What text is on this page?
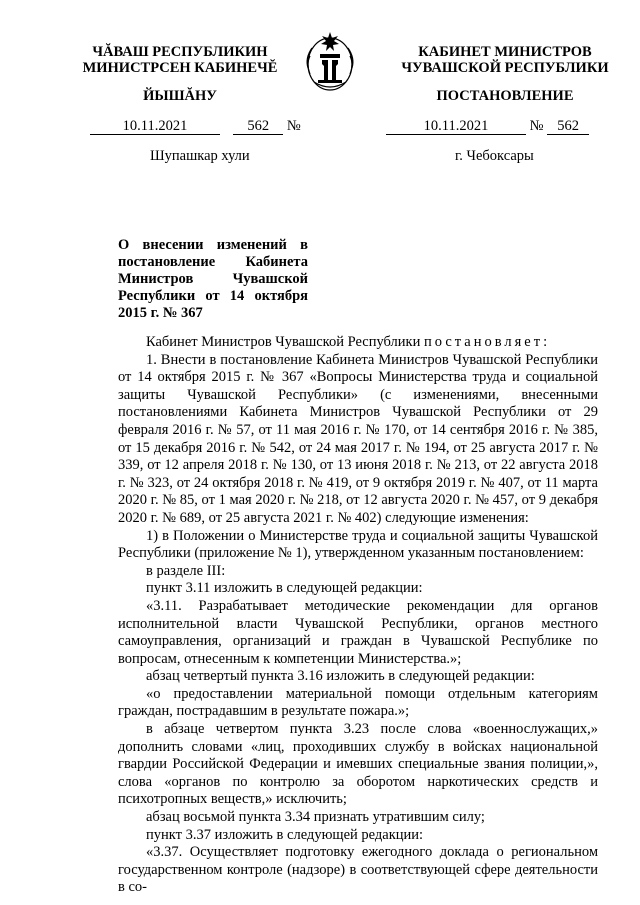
ЧĂВАШ РЕСПУБЛИКИН
МИНИСТРСЕН КАБИНЕЧĔ
ЙЫШĂНУ
КАБИНЕТ МИНИСТРОВ
ЧУВАШСКОЙ РЕСПУБЛИКИ
ПОСТАНОВЛЕНИЕ
10.11.2021	562 №	10.11.2021	№ 562
Шупашкар хули	г. Чебоксары
О внесении изменений в постановление Кабинета Министров Чувашской Республики от 14 октября 2015 г. № 367

Кабинет Министров Чувашской Республики постановляет:

1. Внести в постановление Кабинета Министров Чувашской Республики от 14 октября 2015 г. № 367 «Вопросы Министерства труда и социальной защиты Чувашской Республики» (с изменениями, внесенными постановлениями Кабинета Министров Чувашской Республики от 29 февраля 2016 г. № 57, от 11 мая 2016 г. № 170, от 14 сентября 2016 г. № 385, от 15 декабря 2016 г. № 542, от 24 мая 2017 г. № 194, от 25 августа 2017 г. № 339, от 12 апреля 2018 г. № 130, от 13 июня 2018 г. № 213, от 22 августа 2018 г. № 323, от 24 октября 2018 г. № 419, от 9 октября 2019 г. № 407, от 11 марта 2020 г. № 85, от 1 мая 2020 г. № 218, от 12 августа 2020 г. № 457, от 9 декабря 2020 г. № 689, от 25 августа 2021 г. № 402) следующие изменения:

1) в Положении о Министерстве труда и социальной защиты Чувашской Республики (приложение № 1), утвержденном указанным постановлением:

в разделе III:

пункт 3.11 изложить в следующей редакции:

«3.11. Разрабатывает методические рекомендации для органов исполнительной власти Чувашской Республики, органов местного самоуправления, организаций и граждан в Чувашской Республике по вопросам, отнесенным к компетенции Министерства.»;

абзац четвертый пункта 3.16 изложить в следующей редакции:

«о предоставлении материальной помощи отдельным категориям граждан, пострадавшим в результате пожара.»;

в абзаце четвертом пункта 3.23 после слова «военнослужащих,» дополнить словами «лиц, проходивших службу в войсках национальной гвардии Российской Федерации и имевших специальные звания полиции,», слова «органов по контролю за оборотом наркотических средств и психотропных веществ,» исключить;

абзац восьмой пункта 3.34 признать утратившим силу;

пункт 3.37 изложить в следующей редакции:

«3.37. Осуществляет подготовку ежегодного доклада о региональном государственном контроле (надзоре) в соответствующей сфере деятельности в со-
